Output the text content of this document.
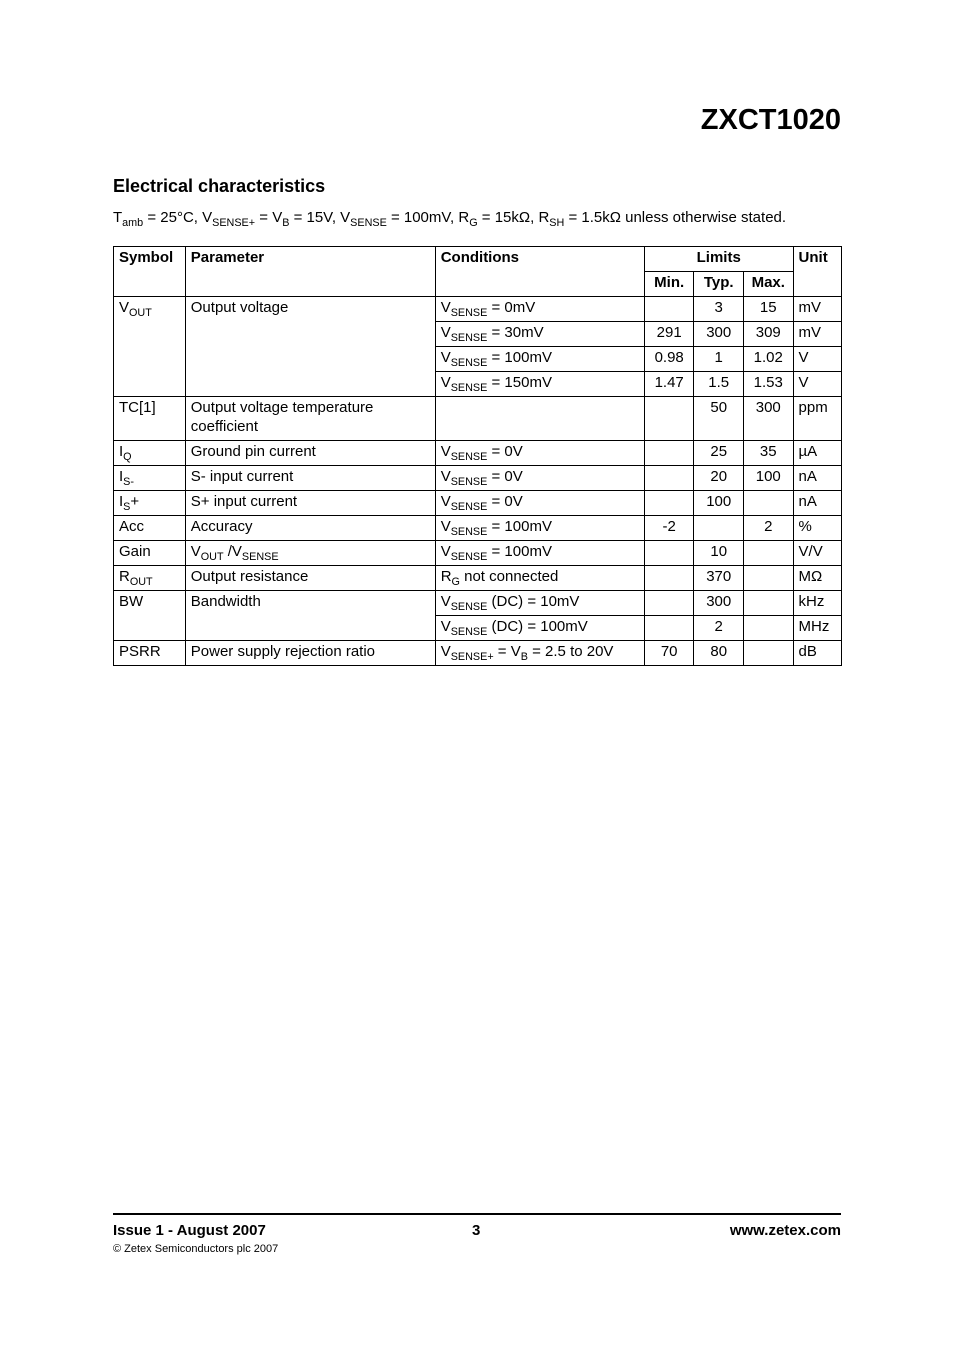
ZXCT1020
Electrical characteristics

$T_{amb} = 25^\circ C$, $V_{SENSE+} = V_B = 15V$, $V_{SENSE} = 100mV$, $R_G = 15k\Omega$, $R_{SH} = 1.5k\Omega$ unless otherwise stated.

Symbol	Parameter	Conditions	Limits			Unit
			Min.	Typ.	Max.	
$V_{OUT}$	Output voltage	$V_{SENSE} = 0mV$		3	15	mV
		$V_{SENSE} = 30mV$	291	300	309	mV
		$V_{SENSE} = 100mV$	0.98	1	1.02	V
		$V_{SENSE} = 150mV$	1.47	1.5	1.53	V
TC[1]	Output voltage temperature coefficient			50	300	ppm
$I_Q$	Ground pin current	$V_{SENSE} = 0V$		25	35	µA
$I_{S-}$	S- input current	$V_{SENSE} = 0V$		20	100	nA
$I_S+$	S+ input current	$V_{SENSE} = 0V$		100		nA
Acc	Accuracy	$V_{SENSE} = 100mV$	-2		2	%
Gain	$V_{OUT}$ $/V_{SENSE}$	$V_{SENSE} = 100mV$		10		V/V
$R_{OUT}$	Output resistance	$R_G$ not connected		370		MΩ
BW	Bandwidth	$V_{SENSE}$ (DC) = 10mV		300		kHz
		$V_{SENSE}$ (DC) = 100mV		2		MHz
PSRR	Power supply rejection ratio	$V_{SENSE+} = V_B = 2.5$ to 20V	70	80		dB
Issue 1 - August 2007	3	www.zetex.com
© Zetex Semiconductors plc 2007
